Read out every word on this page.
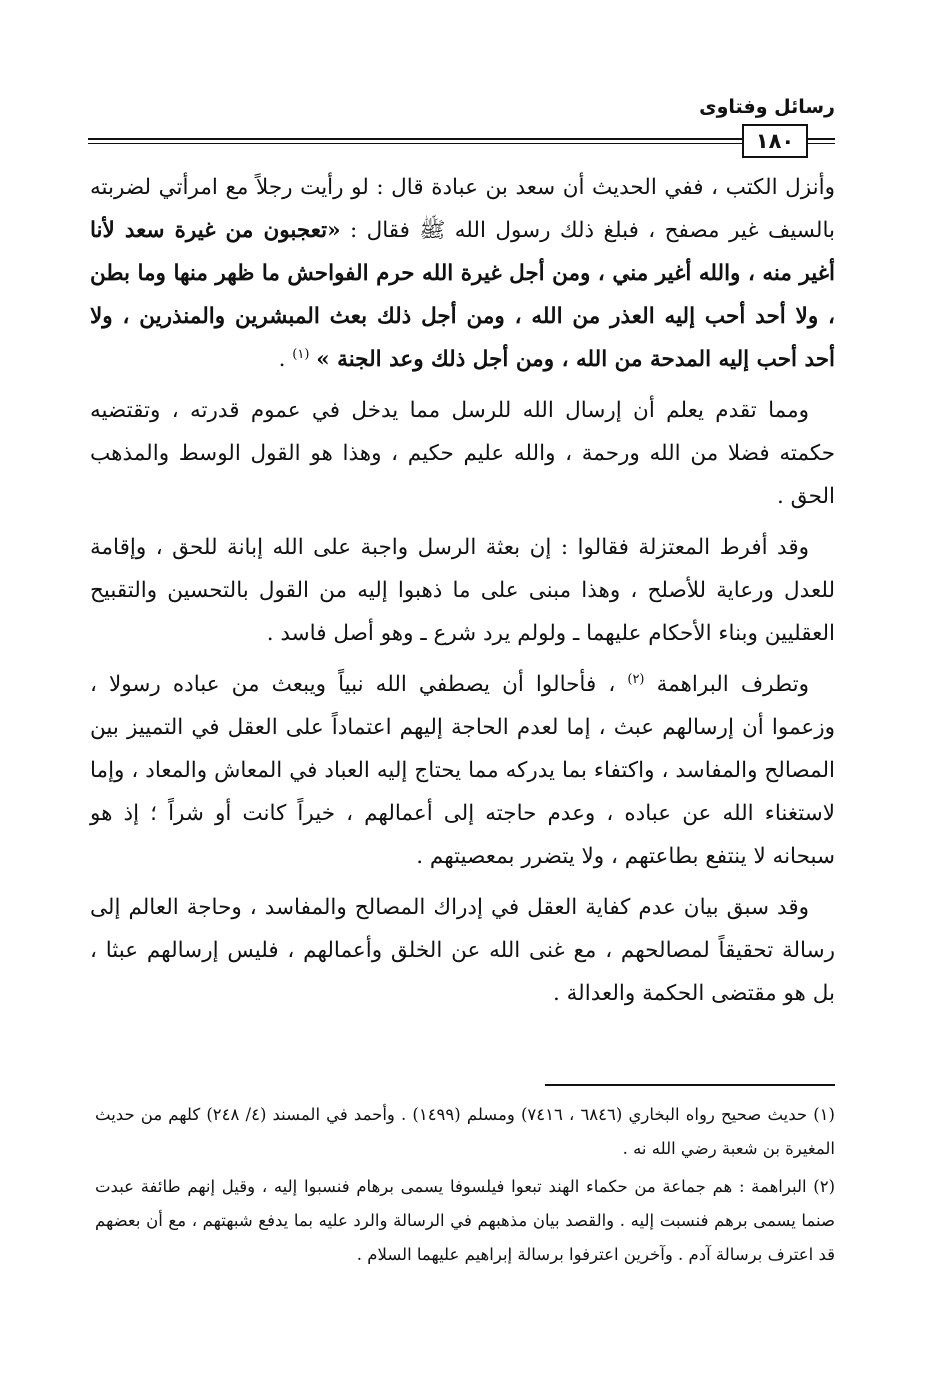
رسائل وفتاوى
١٨٠

وأنزل الكتب ، ففي الحديث أن سعد بن عبادة قال : لو رأيت رجلاً مع امرأتي لضربته بالسيف غير مصفح ، فبلغ ذلك رسول الله ﷺ فقال : «تعجبون من غيرة سعد لأنا أغير منه ، والله أغير مني ، ومن أجل غيرة الله حرم الفواحش ما ظهر منها وما بطن ، ولا أحد أحب إليه العذر من الله ، ومن أجل ذلك بعث المبشرين والمنذرين ، ولا أحد أحب إليه المدحة من الله ، ومن أجل ذلك وعد الجنة » $^{(١)}$ .

ومما تقدم يعلم أن إرسال الله للرسل مما يدخل في عموم قدرته ، وتقتضيه حكمته فضلا من الله ورحمة ، والله عليم حكيم ، وهذا هو القول الوسط والمذهب الحق .

وقد أفرط المعتزلة فقالوا : إن بعثة الرسل واجبة على الله إبانة للحق ، وإقامة للعدل ورعاية للأصلح ، وهذا مبنى على ما ذهبوا إليه من القول بالتحسين والتقبيح العقليين وبناء الأحكام عليهما ـ ولولم يرد شرع ـ وهو أصل فاسد .

وتطرف البراهمة $^{(٢)}$ ، فأحالوا أن يصطفي الله نبياً ويبعث من عباده رسولا ، وزعموا أن إرسالهم عبث ، إما لعدم الحاجة إليهم اعتماداً على العقل في التمييز بين المصالح والمفاسد ، واكتفاء بما يدركه مما يحتاج إليه العباد في المعاش والمعاد ، وإما لاستغناء الله عن عباده ، وعدم حاجته إلى أعمالهم ، خيراً كانت أو شراً ؛ إذ هو سبحانه لا ينتفع بطاعتهم ، ولا يتضرر بمعصيتهم .

وقد سبق بيان عدم كفاية العقل في إدراك المصالح والمفاسد ، وحاجة العالم إلى رسالة تحقيقاً لمصالحهم ، مع غنى الله عن الخلق وأعمالهم ، فليس إرسالهم عبثا ، بل هو مقتضى الحكمة والعدالة .

(١) حديث صحيح رواه البخاري (٦٨٤٦ ، ٧٤١٦) ومسلم (١٤٩٩) . وأحمد في المسند (٤/ ٢٤٨) كلهم من حديث المغيرة بن شعبة رضي الله نه .

(٢) البراهمة : هم جماعة من حكماء الهند تبعوا فيلسوفا يسمى برهام فنسبوا إليه ، وقيل إنهم طائفة عبدت صنما يسمى برهم فنسبت إليه . والقصد بيان مذهبهم في الرسالة والرد عليه بما يدفع شبهتهم ، مع أن بعضهم قد اعترف برسالة آدم . وآخرين اعترفوا برسالة إبراهيم عليهما السلام .
